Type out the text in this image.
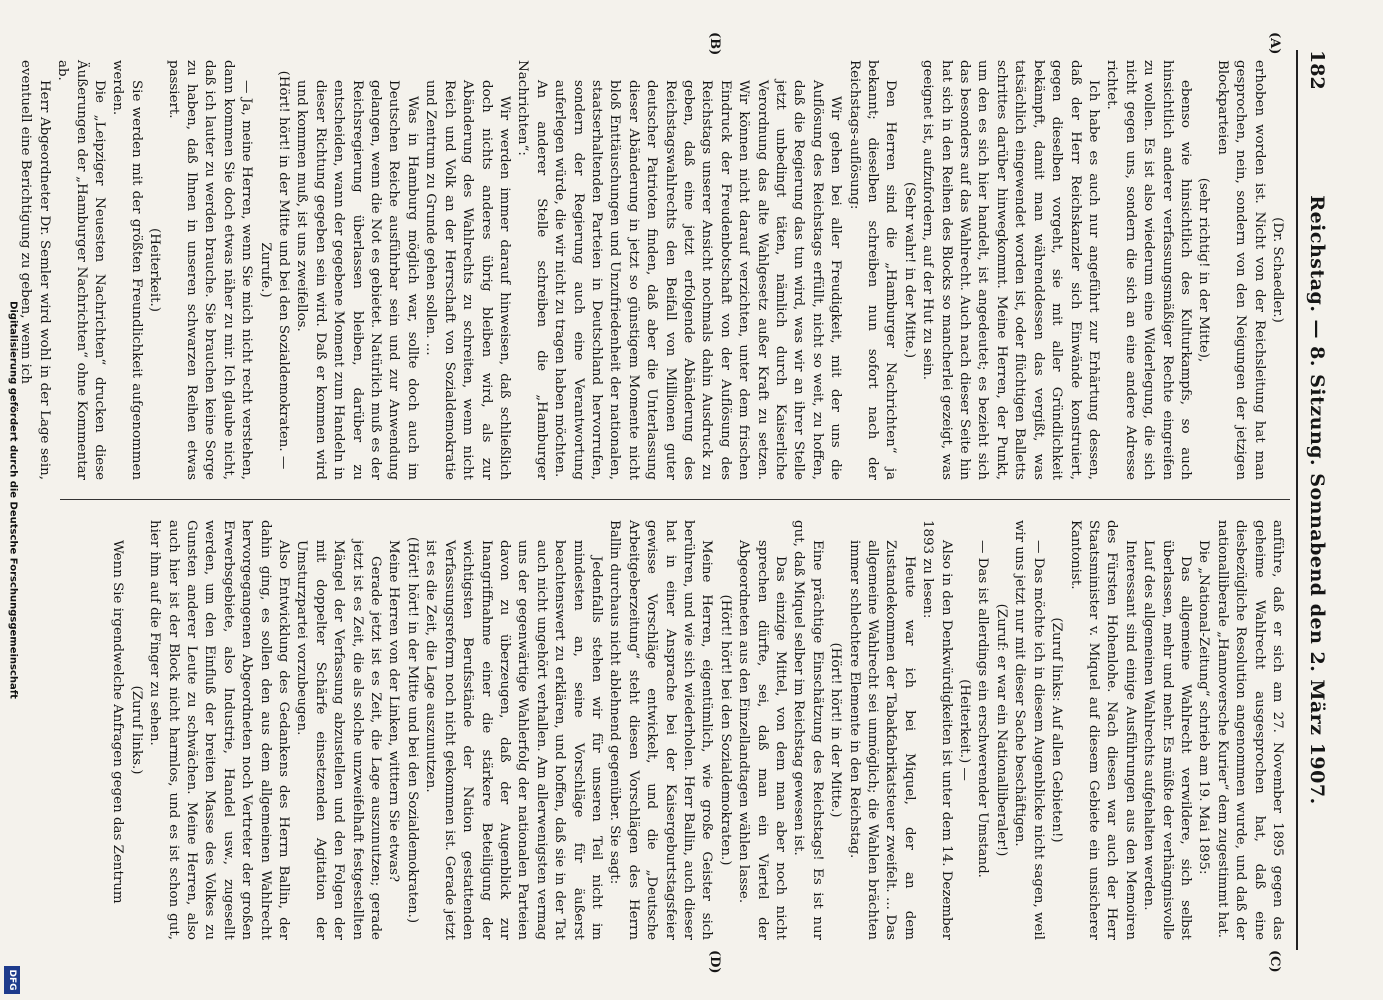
182
Reichstag. — 8. Sitzung. Sonnabend den 2. März 1907.
(A)
(B)
(C)
(D)

(Dr. Schaedler.)

erhoben worden ist. Nicht von der Reichsleitung hat man gesprochen, nein, sondern von den Neigungen der jetzigen Blockparteien

(sehr richtig! in der Mitte),

ebenso wie hinsichtlich des Kulturkampfs, so auch hinsichtlich anderer verfassungsmäßiger Rechte eingreifen zu wollen. Es ist also wiederum eine Widerlegung, die sich nicht gegen uns, sondern die sich an eine andere Adresse richtet.

Ich habe es auch nur angeführt zur Erhärtung dessen, daß der Herr Reichskanzler sich Einwände konstruiert, gegen dieselben vorgeht, sie mit aller Gründlichkeit bekämpft, damit man währenddessen das vergißt, was tatsächlich eingewendet worden ist, oder flüchtigen Balletts schrittes darüber hinwegkommt. Meine Herren, der Punkt, um den es sich hier handelt, ist angedeutet; es bezieht sich das besonders auf das Wahlrecht. Auch nach dieser Seite hin hat sich in den Reihen des Blocks so mancherlei gezeigt, was geeignet ist, aufzufordern, auf der Hut zu sein.

(Sehr wahr! in der Mitte.)

Den Herren sind die „Hamburger Nachrichten“ ja bekannt; dieselben schreiben nun sofort nach der Reichstags-auflösung:

Wir gehen bei aller Freudigkeit, mit der uns die Auflösung des Reichstags erfüllt, nicht so weit, zu hoffen, daß die Regierung das tun wird, was wir an ihrer Stelle jetzt unbedingt täten, nämlich durch Kaiserliche Verordnung das alte Wahlgesetz außer Kraft zu setzen. Wir können nicht darauf verzichten, unter dem frischen Eindruck der Freudenbotschaft von der Auflösung des Reichstags unserer Ansicht nochmals dahin Ausdruck zu geben, daß eine jetzt erfolgende Abänderung des Reichstagswahlrechts den Beifall von Millionen guter deutscher Patrioten finden, daß aber die Unterlassung dieser Abänderung in jetzt so günstigem Momente nicht bloß Enttäuschungen und Unzufriedenheit der nationalen, staatserhaltenden Parteien in Deutschland hervorrufen, sondern der Regierung auch eine Verantwortung auferlegen würde, die wir nicht zu tragen haben möchten.

An anderer Stelle schreiben die „Hamburger Nachrichten“:

Wir werden immer darauf hinweisen, daß schließlich doch nichts anderes übrig bleiben wird, als zur Abänderung des Wahlrechts zu schreiten, wenn nicht Reich und Volk an der Herrschaft von Sozialdemokratie und Zentrum zu Grunde gehen sollen. ...

Was in Hamburg möglich war, sollte doch auch im Deutschen Reiche ausführbar sein und zur Anwendung gelangen, wenn die Not es gebietet. Natürlich muß es der Reichsregierung überlassen bleiben, darüber zu entscheiden, wann der gegebene Moment zum Handeln in dieser Richtung gegeben sein wird. Daß er kommen wird und kommen muß, ist uns zweifellos.

(Hört! hört! in der Mitte und bei den Sozialdemokraten. — Zurufe.)

— Ja, meine Herren, wenn Sie mich nicht recht verstehen, dann kommen Sie doch etwas näher zu mir. Ich glaube nicht, daß ich lauter zu werden brauche. Sie brauchen keine Sorge zu haben, daß Ihnen in unseren schwarzen Reihen etwas passiert.

(Heiterkeit.)

Sie werden mit der größten Freundlichkeit aufgenommen werden.

Die „Leipziger Neuesten Nachrichten“ drucken diese Äußerungen der „Hamburger Nachrichten“ ohne Kommentar ab.

Herr Abgeordneter Dr. Semler wird wohl in der Lage sein, eventuell eine Berichtigung zu geben, wenn ich

anführe, daß er sich am 27. November 1895 gegen das geheime Wahlrecht ausgesprochen hat, daß eine diesbezügliche Resolution angenommen wurde, und daß der nationalliberale „Hannoversche Kurier“ dem zugestimmt hat.

Die „National-Zeitung“ schrieb am 19. Mai 1895:

Das allgemeine Wahlrecht verwildere, sich selbst überlassen, mehr und mehr. Es müßte der verhängnisvolle Lauf des allgemeinen Wahlrechts aufgehalten werden.

Interessant sind einige Ausführungen aus den Memoiren des Fürsten Hohenlohe. Nach diesen war auch der Herr Staatsminister v. Miquel auf diesem Gebiete ein unsicherer Kantonist.

(Zuruf links: Auf allen Gebieten!)

— Das möchte ich in diesem Augenblicke nicht sagen, weil wir uns jetzt nur mit dieser Sache beschäftigen.

(Zuruf: er war ein Nationalliberaler!)

— Das ist allerdings ein erschwerender Umstand.

(Heiterkeit.) —

Also in den Denkwürdigkeiten ist unter dem 14. Dezember 1893 zu lesen:

Heute war ich bei Miquel, der an dem Zustandekommen der Tabakfabrikatsteuer zweifelt. ... Das allgemeine Wahlrecht sei unmöglich; die Wahlen brächten immer schlechtere Elemente in den Reichstag.

(Hört! hört! in der Mitte.)

Eine prächtige Einschätzung des Reichstags! Es ist nur gut, daß Miquel selber im Reichstag gewesen ist.

Das einzige Mittel, von dem man aber noch nicht sprechen dürfte, sei, daß man ein Viertel der Abgeordneten aus den Einzellandtagen wählen lasse.

(Hört! hört! bei den Sozialdemokraten.)

Meine Herren, eigentümlich, wie große Geister sich berühren, und wie sich wiederholen. Herr Ballin, auch dieser hat in einer Ansprache bei der Kaisergeburtstagsfeier gewisse Vorschläge entwickelt, und die „Deutsche Arbeitgeberzeitung“ steht diesen Vorschlägen des Herrn Ballin durchaus nicht ablehnend gegenüber. Sie sagt:

Jedenfalls stehen wir für unseren Teil nicht im mindesten an, seine Vorschläge für äußerst beachtenswert zu erklären, und hoffen, daß sie in der Tat auch nicht ungehört verhallen. Am allerwenigsten vermag uns der gegenwärtige Wahlerfolg der nationalen Parteien davon zu überzeugen, daß der Augenblick zur Inangriffnahme einer die stärkere Beteiligung der wichtigsten Berufsstände der Nation gestattenden Verfassungsreform noch nicht gekommen ist. Gerade jetzt ist es die Zeit, die Lage auszunutzen.

(Hört! hört! in der Mitte und bei den Sozialdemokraten.)

Meine Herren von der Linken, witttern Sie etwas?

Gerade jetzt ist es Zeit, die Lage auszunutzen; gerade jetzt ist es Zeit, die als solche unzweifelhaft festgestellten Mängel der Verfassung abzustellen und den Folgen der mit doppelter Schärfe einsetzenden Agitation der Umsturzpartei vorzubeugen.

Also Entwicklung des Gedankens des Herrn Ballin, der dahin ging, es sollen den aus dem allgemeinen Wahlrecht hervorgegangenen Abgeordneten noch Vertreter der großen Erwerbsgebiete, also Industrie, Handel usw., zugesellt werden, um den Einfluß der breiten Masse des Volkes zu Gunsten anderer Leute zu schwächen. Meine Herren, also auch hier ist der Block nicht harmlos, und es ist schon gut, hier ihm auf die Finger zu sehen.

(Zuruf links.)

Wenn Sie irgendwelche Anfragen gegen das Zentrum

Digitalisierung gefördert durch die Deutsche Forschungsgemeinschaft
DFG
